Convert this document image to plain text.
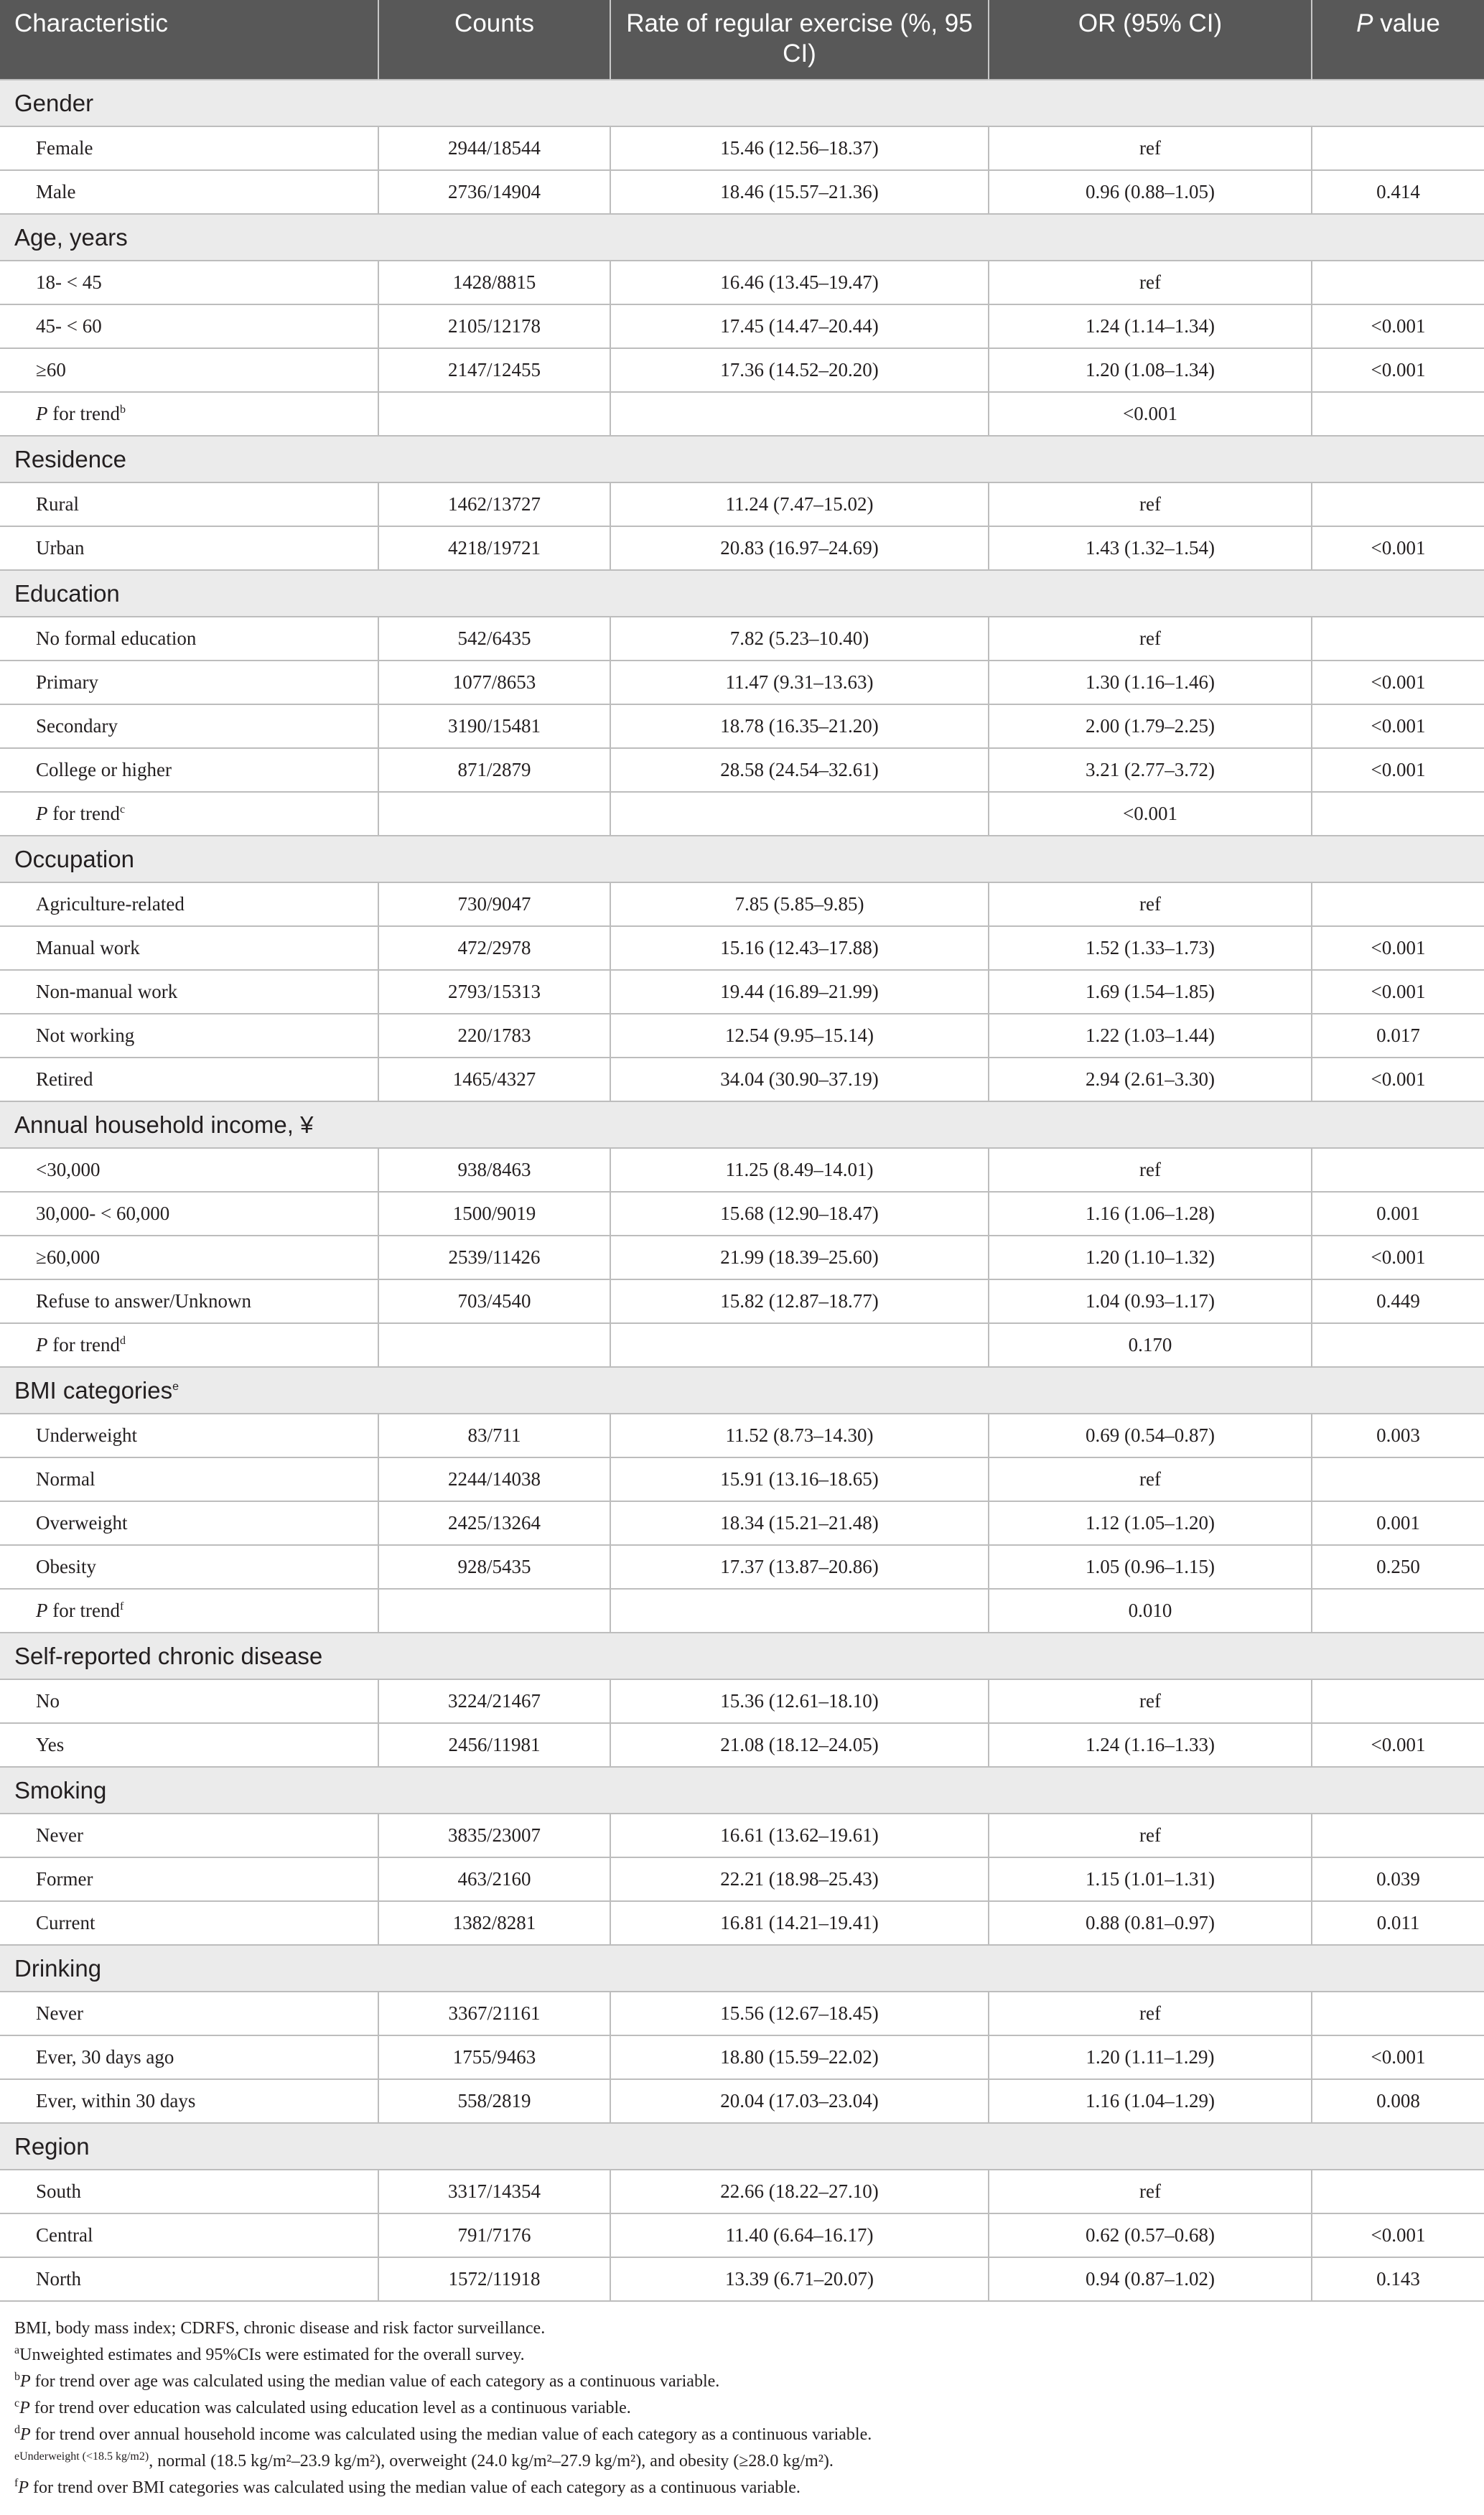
Characteristic	Counts	Rate of regular exercise (%, 95 CI)	OR (95% CI)	P value
Gender				
Female	2944/18544	15.46 (12.56–18.37)	ref	
Male	2736/14904	18.46 (15.57–21.36)	0.96 (0.88–1.05)	0.414
Age, years				
18- < 45	1428/8815	16.46 (13.45–19.47)	ref	
45- < 60	2105/12178	17.45 (14.47–20.44)	1.24 (1.14–1.34)	<0.001
≥60	2147/12455	17.36 (14.52–20.20)	1.20 (1.08–1.34)	<0.001
P for trend$^b$			<0.001	
Residence				
Rural	1462/13727	11.24 (7.47–15.02)	ref	
Urban	4218/19721	20.83 (16.97–24.69)	1.43 (1.32–1.54)	<0.001
Education				
No formal education	542/6435	7.82 (5.23–10.40)	ref	
Primary	1077/8653	11.47 (9.31–13.63)	1.30 (1.16–1.46)	<0.001
Secondary	3190/15481	18.78 (16.35–21.20)	2.00 (1.79–2.25)	<0.001
College or higher	871/2879	28.58 (24.54–32.61)	3.21 (2.77–3.72)	<0.001
P for trend$^c$			<0.001	
Occupation				
Agriculture-related	730/9047	7.85 (5.85–9.85)	ref	
Manual work	472/2978	15.16 (12.43–17.88)	1.52 (1.33–1.73)	<0.001
Non-manual work	2793/15313	19.44 (16.89–21.99)	1.69 (1.54–1.85)	<0.001
Not working	220/1783	12.54 (9.95–15.14)	1.22 (1.03–1.44)	0.017
Retired	1465/4327	34.04 (30.90–37.19)	2.94 (2.61–3.30)	<0.001
Annual household income, ¥				
<30,000	938/8463	11.25 (8.49–14.01)	ref	
30,000- < 60,000	1500/9019	15.68 (12.90–18.47)	1.16 (1.06–1.28)	0.001
≥60,000	2539/11426	21.99 (18.39–25.60)	1.20 (1.10–1.32)	<0.001
Refuse to answer/Unknown	703/4540	15.82 (12.87–18.77)	1.04 (0.93–1.17)	0.449
P for trend$^d$			0.170	
BMI categories$^e$
Underweight	83/711	11.52 (8.73–14.30)	0.69 (0.54–0.87)	0.003
Normal	2244/14038	15.91 (13.16–18.65)	ref	
Overweight	2425/13264	18.34 (15.21–21.48)	1.12 (1.05–1.20)	0.001
Obesity	928/5435	17.37 (13.87–20.86)	1.05 (0.96–1.15)	0.250
P for trend$^f$			0.010	
Self-reported chronic disease				
No	3224/21467	15.36 (12.61–18.10)	ref	
Yes	2456/11981	21.08 (18.12–24.05)	1.24 (1.16–1.33)	<0.001
Smoking				
Never	3835/23007	16.61 (13.62–19.61)	ref	
Former	463/2160	22.21 (18.98–25.43)	1.15 (1.01–1.31)	0.039
Current	1382/8281	16.81 (14.21–19.41)	0.88 (0.81–0.97)	0.011
Drinking				
Never	3367/21161	15.56 (12.67–18.45)	ref	
Ever, 30 days ago	1755/9463	18.80 (15.59–22.02)	1.20 (1.11–1.29)	<0.001
Ever, within 30 days	558/2819	20.04 (17.03–23.04)	1.16 (1.04–1.29)	0.008
Region				
South	3317/14354	22.66 (18.22–27.10)	ref	
Central	791/7176	11.40 (6.64–16.17)	0.62 (0.57–0.68)	<0.001
North	1572/11918	13.39 (6.71–20.07)	0.94 (0.87–1.02)	0.143
BMI, body mass index; CDRFS, chronic disease and risk factor surveillance.
$^a$Unweighted estimates and 95%CIs were estimated for the overall survey.
$^b$P for trend over age was calculated using the median value of each category as a continuous variable.
$^c$P for trend over education was calculated using education level as a continuous variable.
$^d$P for trend over annual household income was calculated using the median value of each category as a continuous variable.
$^{eUnderweight (<18.5 kg/m2)}$, normal (18.5 kg/m²–23.9 kg/m²), overweight (24.0 kg/m²–27.9 kg/m²), and obesity (≥28.0 kg/m²).
$^f$P for trend over BMI categories was calculated using the median value of each category as a continuous variable.
